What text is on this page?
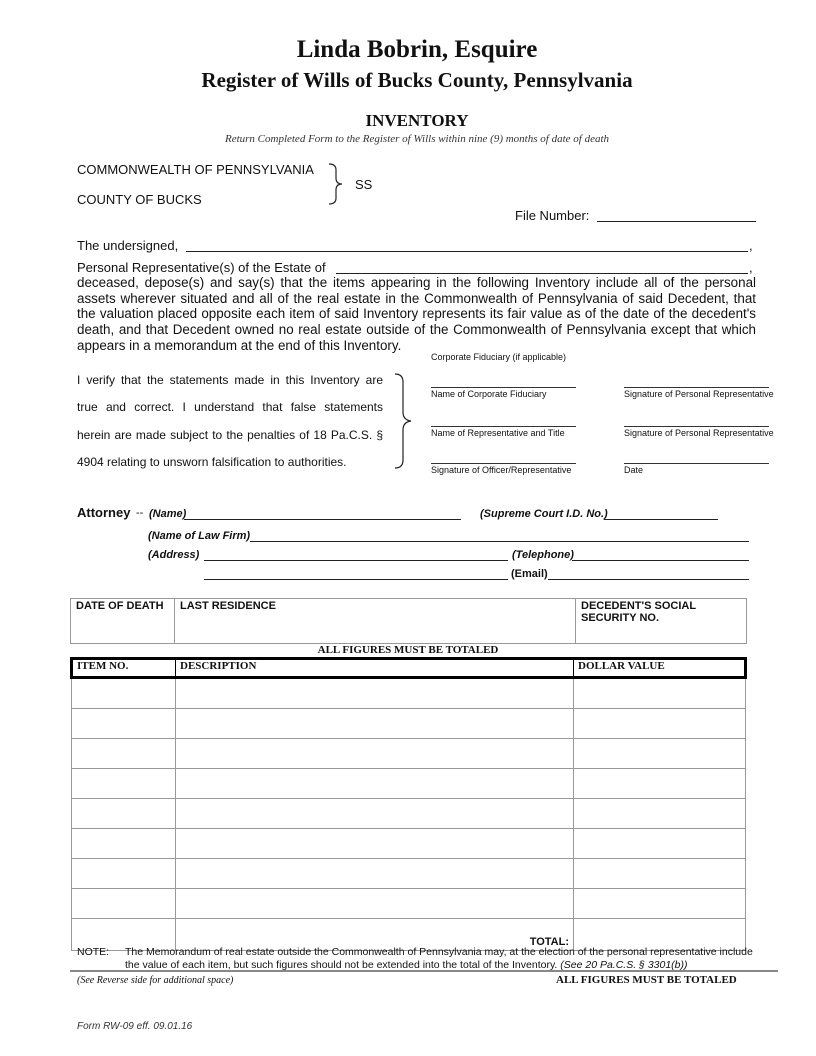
Linda Bobrin, Esquire
Register of Wills of Bucks County, Pennsylvania
INVENTORY
Return Completed Form to the Register of Wills within nine (9) months of date of death
COMMONWEALTH OF PENNSYLVANIA
COUNTY OF BUCKS
SS
File Number:
The undersigned,	,
Personal Representative(s) of the Estate of	,
deceased, depose(s) and say(s) that the items appearing in the following Inventory include all of the personal assets wherever situated and all of the real estate in the Commonwealth of Pennsylvania of said Decedent, that the valuation placed opposite each item of said Inventory represents its fair value as of the date of the decedent's death, and that Decedent owned no real estate outside of the Commonwealth of Pennsylvania except that which appears in a memorandum at the end of this Inventory.
Corporate Fiduciary (if applicable)
I verify that the statements made in this Inventory are
true and correct. I understand that false statements
herein are made subject to the penalties of 18 Pa.C.S. §
4904 relating to unsworn falsification to authorities.
Name of Corporate Fiduciary	Signature of Personal Representative
Name of Representative and Title	Signature of Personal Representative
Signature of Officer/Representative	Date
Attorney -- (Name)	(Supreme Court I.D. No.)
(Name of Law Firm)
(Address)	(Telephone)
(Email)
DATE OF DEATH	LAST RESIDENCE	DECEDENT'S SOCIAL
SECURITY NO.
ALL FIGURES MUST BE TOTALED
ITEM NO.	DESCRIPTION	DOLLAR VALUE

	TOTAL:	
NOTE: The Memorandum of real estate outside the Commonwealth of Pennsylvania may, at the election of the personal representative include the value of each item, but such figures should not be extended into the total of the Inventory. (See 20 Pa.C.S. § 3301(b))
(See Reverse side for additional space)	ALL FIGURES MUST BE TOTALED
Form RW-09 eff. 09.01.16
